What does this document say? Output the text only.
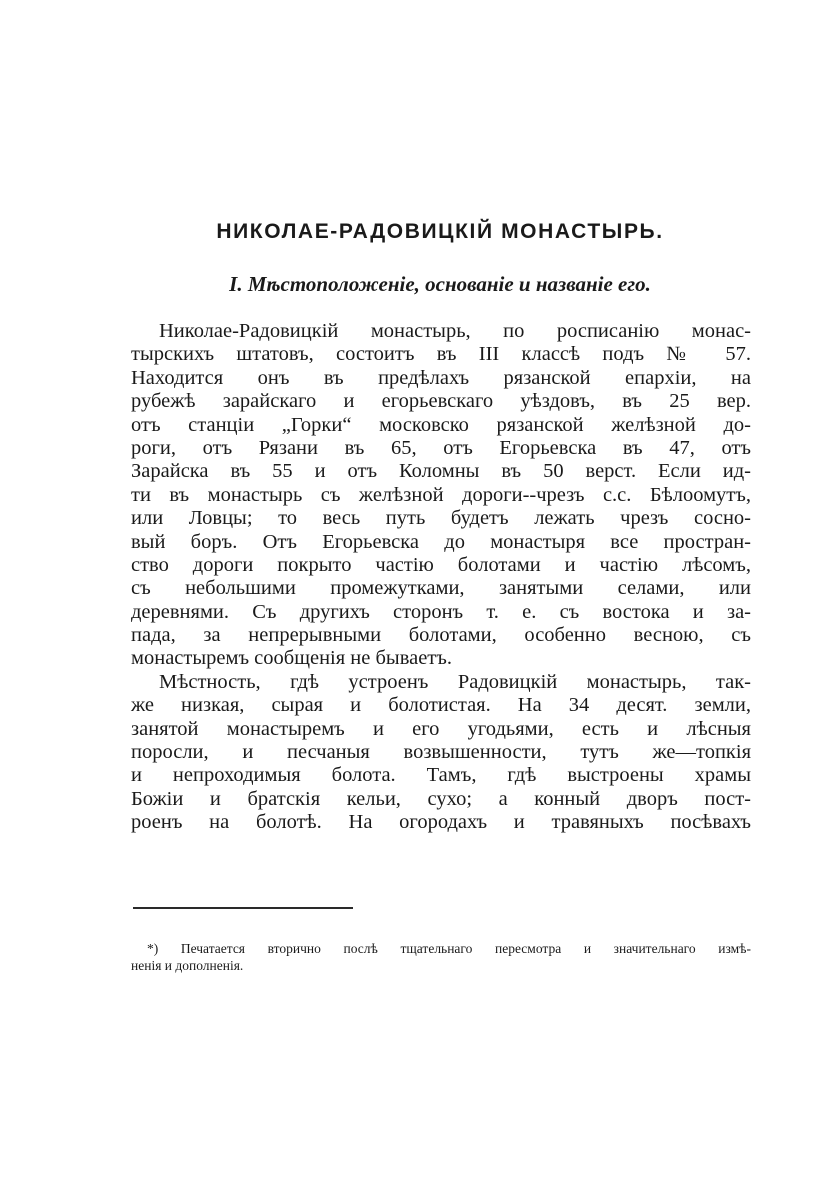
НИКОЛАЕ-РАДОВИЦКІЙ МОНАСТЫРЬ.
I. Мѣстоположеніе, основаніе и названіе его.
Николае-Радовицкій монастырь, по росписанію монас-
тырскихъ штатовъ, состоитъ въ III классѣ подъ № 57.
Находится онъ въ предѣлахъ рязанской епархіи, на
рубежѣ зарайскаго и егорьевскаго уѣздовъ, въ 25 вер.
отъ станціи „Горки“ московско рязанской желѣзной до-
роги, отъ Рязани въ 65, отъ Егорьевска въ 47, отъ
Зарайска въ 55 и отъ Коломны въ 50 верст. Если ид-
ти въ монастырь съ желѣзной дороги--чрезъ с.с. Бѣлоомутъ,
или Ловцы; то весь путь будетъ лежать чрезъ сосно-
вый боръ. Отъ Егорьевска до монастыря все простран-
ство дороги покрыто частію болотами и частію лѣсомъ,
съ небольшими промежутками, занятыми селами, или
деревнями. Съ другихъ сторонъ т. е. съ востока и за-
пада, за непрерывными болотами, особенно весною, съ
монастыремъ сообщенія не бываетъ.
Мѣстность, гдѣ устроенъ Радовицкій монастырь, так-
же низкая, сырая и болотистая. На 34 десят. земли,
занятой монастыремъ и его угодьями, есть и лѣсныя
поросли, и песчаныя возвышенности, тутъ же—топкія
и непроходимыя болота. Тамъ, гдѣ выстроены храмы
Божіи и братскія кельи, сухо; а конный дворъ пост-
роенъ на болотѣ. На огородахъ и травяныхъ посѣвахъ
*) Печатается вторично послѣ тщательнаго пересмотра и значительнаго измѣ-
ненія и дополненія.
